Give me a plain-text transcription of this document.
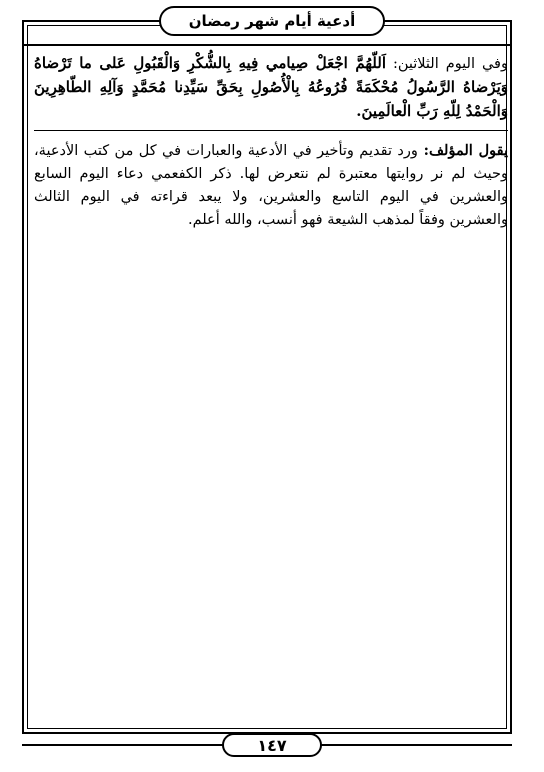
أدعية أيام شهر رمضان

وفي اليوم الثلاثين: اَللّهُمَّ اجْعَلْ صِيامي فِيهِ بِالشُّكْرِ وَالْقَبُولِ عَلى ما تَرْضاهُ وَيَرْضاهُ الرَّسُولُ مُحْكَمَةً فُرُوعُهُ بِالْأُصُولِ بِحَقِّ سَيِّدِنا مُحَمَّدٍ وَآلِهِ الطّاهِرِينَ وَالْحَمْدُ لِلّهِ رَبِّ الْعالَمِينَ.

يقول المؤلف: ورد تقديم وتأخير في الأدعية والعبارات في كل من كتب الأدعية، وحيث لم نر روايتها معتبرة لم نتعرض لها. ذكر الكفعمي دعاء اليوم السابع والعشرين في اليوم التاسع والعشرين، ولا يبعد قراءته في اليوم الثالث والعشرين وفقاً لمذهب الشيعة فهو أنسب، والله أعلم.

١٤٧
